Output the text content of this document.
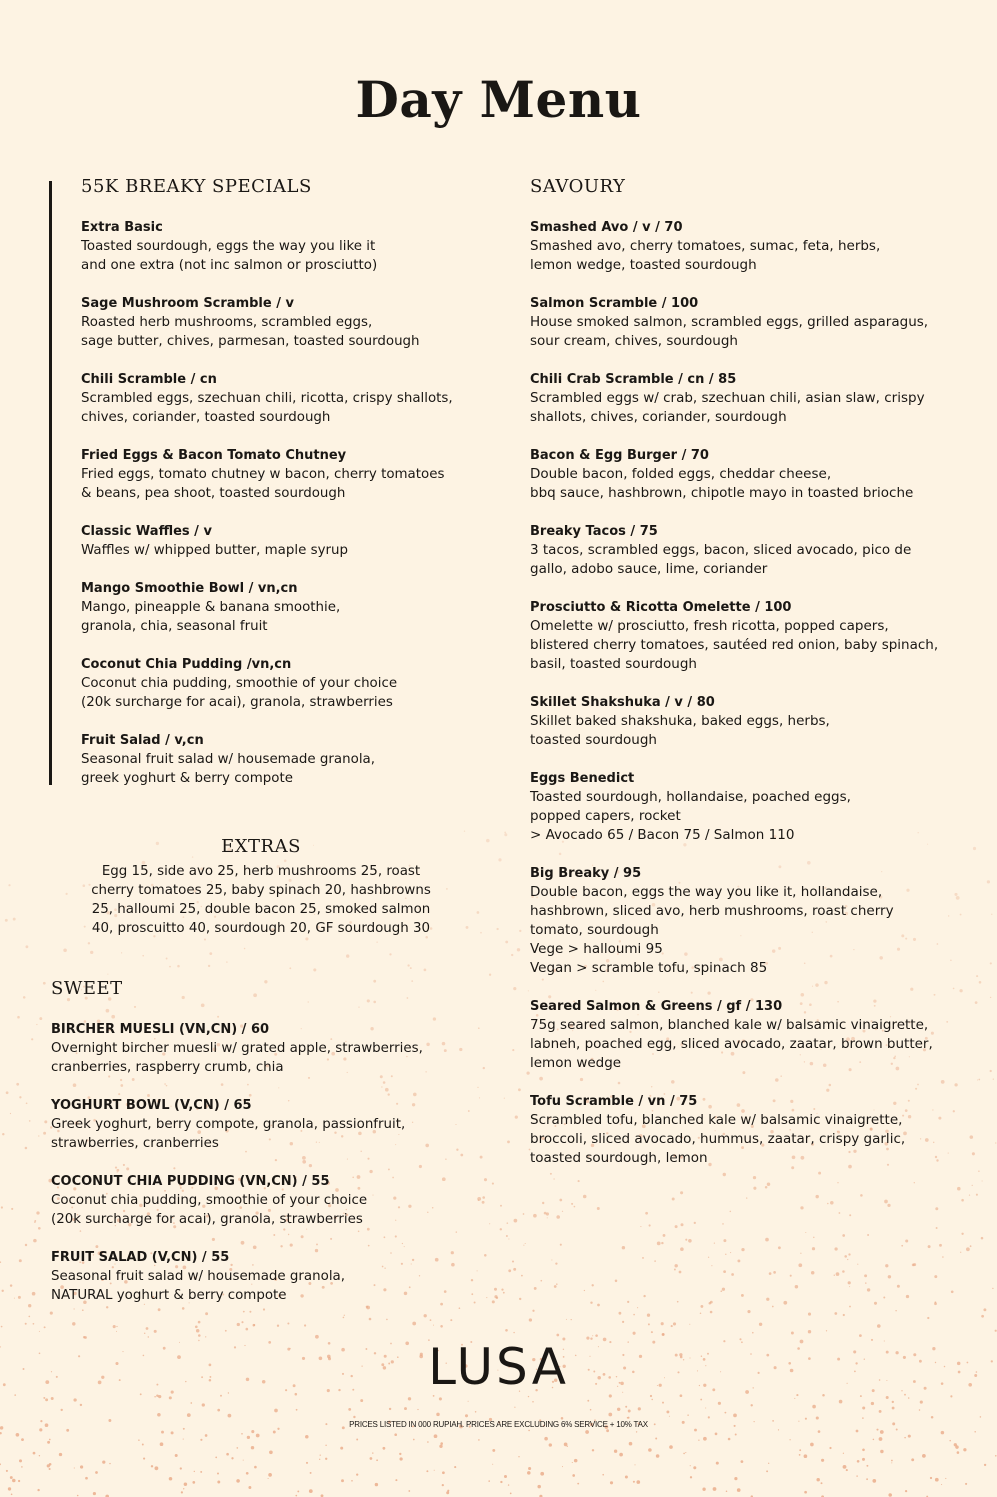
Day Menu
55K BREAKY SPECIALS
Extra Basic
Toasted sourdough, eggs the way you like it
and one extra (not inc salmon or prosciutto)
Sage Mushroom Scramble / v
Roasted herb mushrooms, scrambled eggs,
sage butter, chives, parmesan, toasted sourdough
Chili Scramble / cn
Scrambled eggs, szechuan chili, ricotta, crispy shallots,
chives, coriander, toasted sourdough
Fried Eggs & Bacon Tomato Chutney
Fried eggs, tomato chutney w bacon, cherry tomatoes
& beans, pea shoot, toasted sourdough
Classic Waffles / v
Waffles w/ whipped butter, maple syrup
Mango Smoothie Bowl / vn,cn
Mango, pineapple & banana smoothie,
granola, chia, seasonal fruit
Coconut Chia Pudding /vn,cn
Coconut chia pudding, smoothie of your choice
(20k surcharge for acai), granola, strawberries
Fruit Salad / v,cn
Seasonal fruit salad w/ housemade granola,
greek yoghurt & berry compote
EXTRAS
Egg 15, side avo 25, herb mushrooms 25, roast
cherry tomatoes 25, baby spinach 20, hashbrowns
25, halloumi 25, double bacon 25, smoked salmon
40, proscuitto 40, sourdough 20, GF sourdough 30
SWEET
BIRCHER MUESLI (VN,CN) / 60
Overnight bircher muesli w/ grated apple, strawberries,
cranberries, raspberry crumb, chia
YOGHURT BOWL (V,CN) / 65
Greek yoghurt, berry compote, granola, passionfruit,
strawberries, cranberries
COCONUT CHIA PUDDING (VN,CN) / 55
Coconut chia pudding, smoothie of your choice
(20k surcharge for acai), granola, strawberries
FRUIT SALAD (V,CN) / 55
Seasonal fruit salad w/ housemade granola,
NATURAL yoghurt & berry compote
SAVOURY
Smashed Avo / v / 70
Smashed avo, cherry tomatoes, sumac, feta, herbs,
lemon wedge, toasted sourdough
Salmon Scramble / 100
House smoked salmon, scrambled eggs, grilled asparagus,
sour cream, chives, sourdough
Chili Crab Scramble / cn / 85
Scrambled eggs w/ crab, szechuan chili, asian slaw, crispy
shallots, chives, coriander, sourdough
Bacon & Egg Burger / 70
Double bacon, folded eggs, cheddar cheese,
bbq sauce, hashbrown, chipotle mayo in toasted brioche
Breaky Tacos / 75
3 tacos, scrambled eggs, bacon, sliced avocado, pico de
gallo, adobo sauce, lime, coriander
Prosciutto & Ricotta Omelette / 100
Omelette w/ prosciutto, fresh ricotta, popped capers,
blistered cherry tomatoes, sautéed red onion, baby spinach,
basil, toasted sourdough
Skillet Shakshuka / v / 80
Skillet baked shakshuka, baked eggs, herbs,
toasted sourdough
Eggs Benedict
Toasted sourdough, hollandaise, poached eggs,
popped capers, rocket
> Avocado 65 / Bacon 75 / Salmon 110
Big Breaky / 95
Double bacon, eggs the way you like it, hollandaise,
hashbrown, sliced avo, herb mushrooms, roast cherry
tomato, sourdough
Vege > halloumi 95
Vegan > scramble tofu, spinach 85
Seared Salmon & Greens / gf / 130
75g seared salmon, blanched kale w/ balsamic vinaigrette,
labneh, poached egg, sliced avocado, zaatar, brown butter,
lemon wedge
Tofu Scramble / vn / 75
Scrambled tofu, blanched kale w/ balsamic vinaigrette,
broccoli, sliced avocado, hummus, zaatar, crispy garlic,
toasted sourdough, lemon
LUSA
PRICES LISTED IN 000 RUPIAH. PRICES ARE EXCLUDING 6% SERVICE + 10% TAX
